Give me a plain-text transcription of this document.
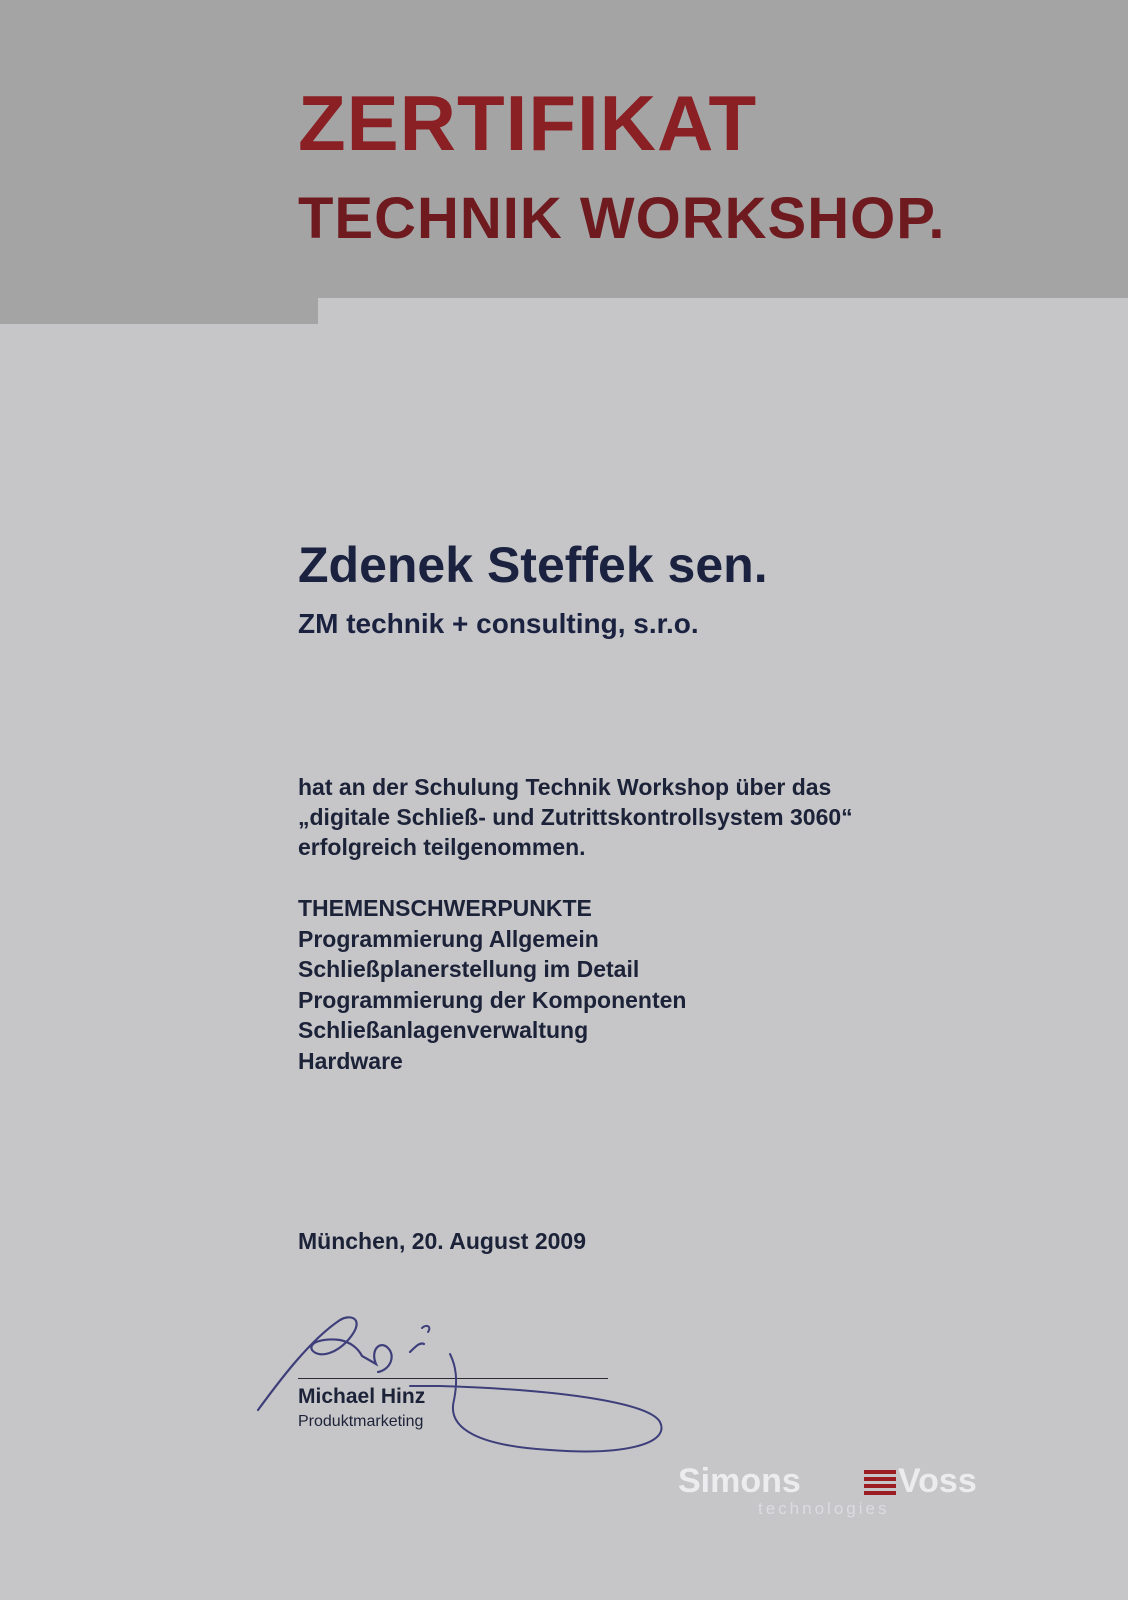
ZERTIFIKAT
TECHNIK WORKSHOP.
Zdenek Steffek sen.
ZM technik + consulting, s.r.o.
hat an der Schulung Technik Workshop über das
„digitale Schließ- und Zutrittskontrollsystem 3060“
erfolgreich teilgenommen.
THEMENSCHWERPUNKTE
Programmierung Allgemein
Schließplanerstellung im Detail
Programmierung der Komponenten
Schließanlagenverwaltung
Hardware
München, 20. August 2009
Michael Hinz
Produktmarketing
Simons	Voss
technologies
